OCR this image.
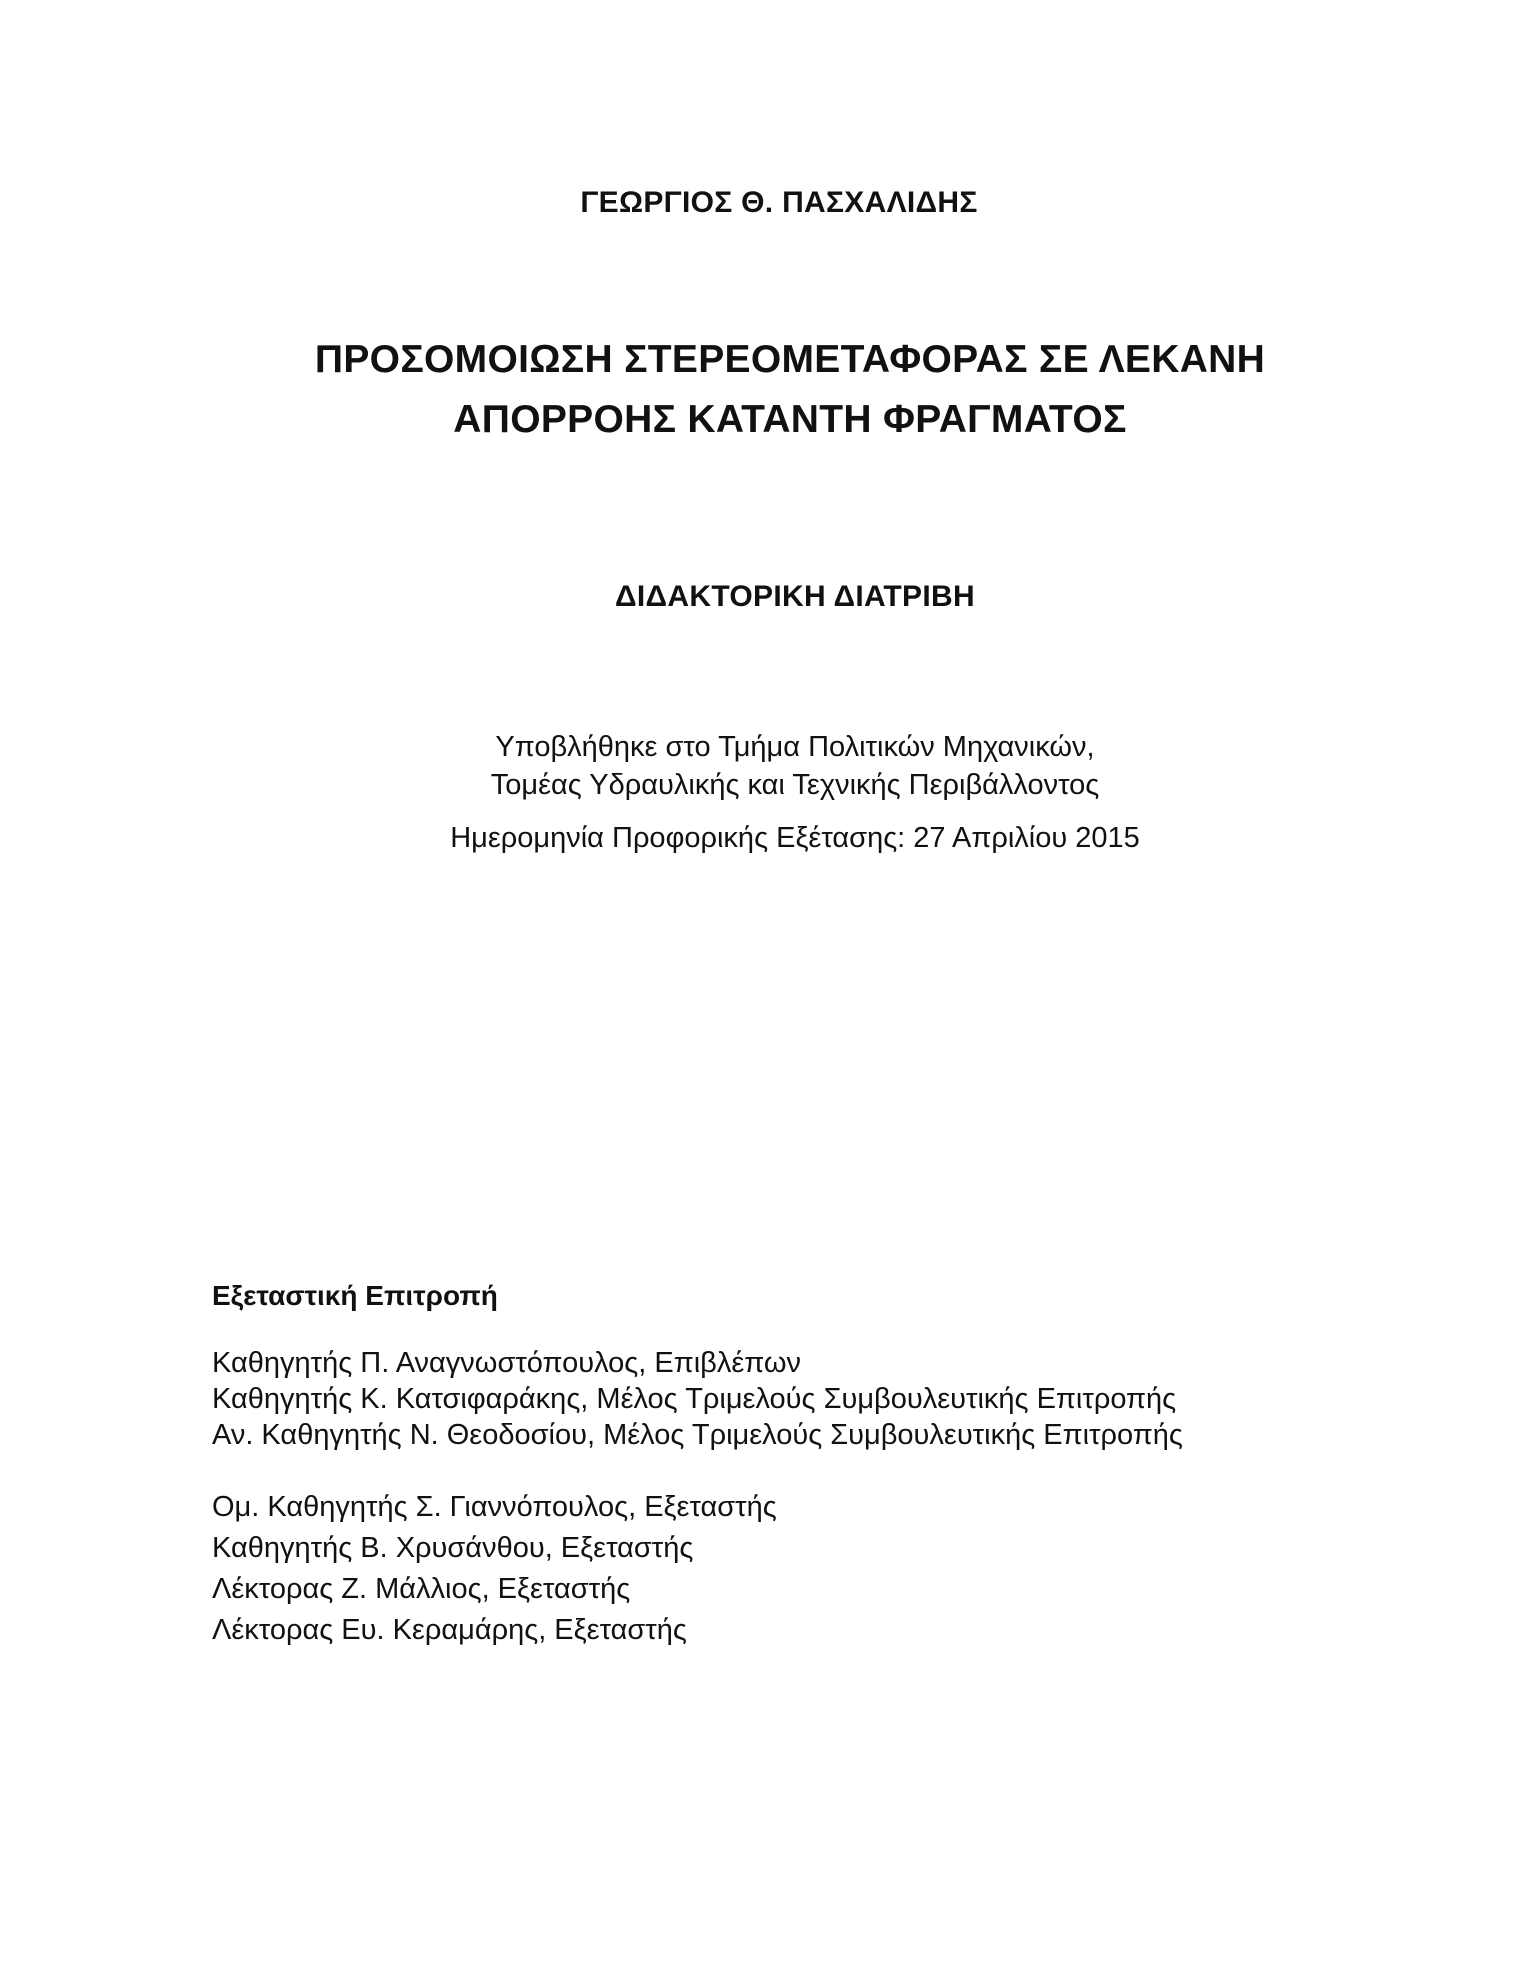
ΓΕΩΡΓΙΟΣ Θ. ΠΑΣΧΑΛΙΔΗΣ
ΠΡΟΣΟΜΟΙΩΣΗ ΣΤΕΡΕΟΜΕΤΑΦΟΡΑΣ ΣΕ ΛΕΚΑΝΗ
ΑΠΟΡΡΟΗΣ ΚΑΤΑΝΤΗ ΦΡΑΓΜΑΤΟΣ
ΔΙΔΑΚΤΟΡΙΚΗ ΔΙΑΤΡΙΒΗ
Υποβλήθηκε στο Τμήμα Πολιτικών Μηχανικών,
Τομέας Υδραυλικής και Τεχνικής Περιβάλλοντος
Ημερομηνία Προφορικής Εξέτασης: 27 Απριλίου 2015
Εξεταστική Επιτροπή
Καθηγητής Π. Αναγνωστόπουλος, Επιβλέπων
Καθηγητής Κ. Κατσιφαράκης, Μέλος Τριμελούς Συμβουλευτικής Επιτροπής
Αν. Καθηγητής Ν. Θεοδοσίου, Μέλος Τριμελούς Συμβουλευτικής Επιτροπής
Ομ. Καθηγητής Σ. Γιαννόπουλος, Εξεταστής
Καθηγητής Β. Χρυσάνθου, Εξεταστής
Λέκτορας Ζ. Μάλλιος, Εξεταστής
Λέκτορας Ευ. Κεραμάρης, Εξεταστής
